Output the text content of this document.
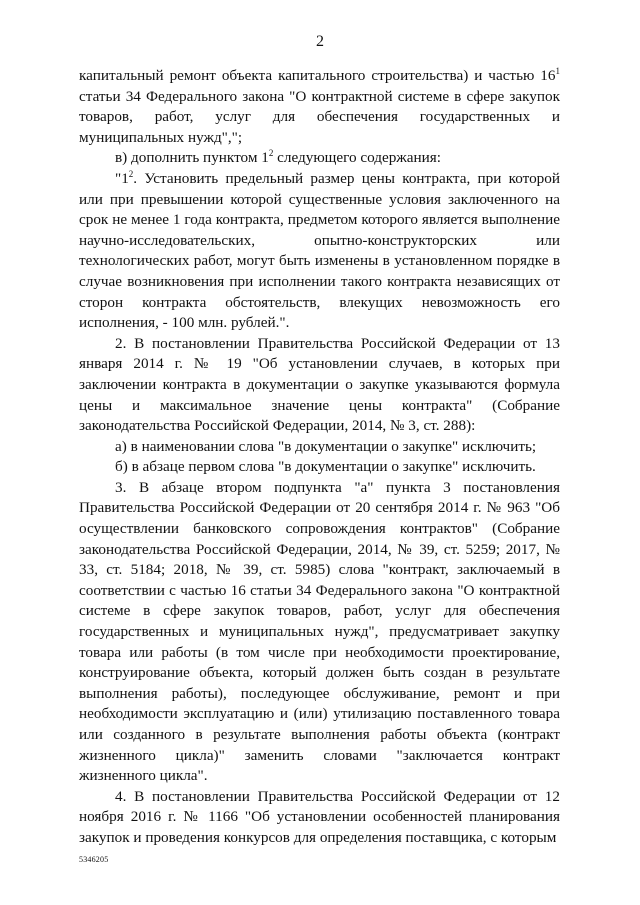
2

капитальный ремонт объекта капитального строительства) и частью $16^1$ статьи 34 Федерального закона "О контрактной системе в сфере закупок товаров, работ, услуг для обеспечения государственных и муниципальных нужд",";

в) дополнить пунктом $1^2$ следующего содержания:

"$1^2$. Установить предельный размер цены контракта, при которой или при превышении которой существенные условия заключенного на срок не менее 1 года контракта, предметом которого является выполнение научно-исследовательских, опытно-конструкторских или технологических работ, могут быть изменены в установленном порядке в случае возникновения при исполнении такого контракта независящих от сторон контракта обстоятельств, влекущих невозможность его исполнения, - 100 млн. рублей.".

2. В постановлении Правительства Российской Федерации от 13 января 2014 г. № 19 "Об установлении случаев, в которых при заключении контракта в документации о закупке указываются формула цены и максимальное значение цены контракта" (Собрание законодательства Российской Федерации, 2014, № 3, ст. 288):

а) в наименовании слова "в документации о закупке" исключить;

б) в абзаце первом слова "в документации о закупке" исключить.

3. В абзаце втором подпункта "а" пункта 3 постановления Правительства Российской Федерации от 20 сентября 2014 г. № 963 "Об осуществлении банковского сопровождения контрактов" (Собрание законодательства Российской Федерации, 2014, № 39, ст. 5259; 2017, № 33, ст. 5184; 2018, № 39, ст. 5985) слова "контракт, заключаемый в соответствии с частью 16 статьи 34 Федерального закона "О контрактной системе в сфере закупок товаров, работ, услуг для обеспечения государственных и муниципальных нужд", предусматривает закупку товара или работы (в том числе при необходимости проектирование, конструирование объекта, который должен быть создан в результате выполнения работы), последующее обслуживание, ремонт и при необходимости эксплуатацию и (или) утилизацию поставленного товара или созданного в результате выполнения работы объекта (контракт жизненного цикла)" заменить словами "заключается контракт жизненного цикла".

4. В постановлении Правительства Российской Федерации от 12 ноября 2016 г. № 1166 "Об установлении особенностей планирования закупок и проведения конкурсов для определения поставщика, с которым

5346205
